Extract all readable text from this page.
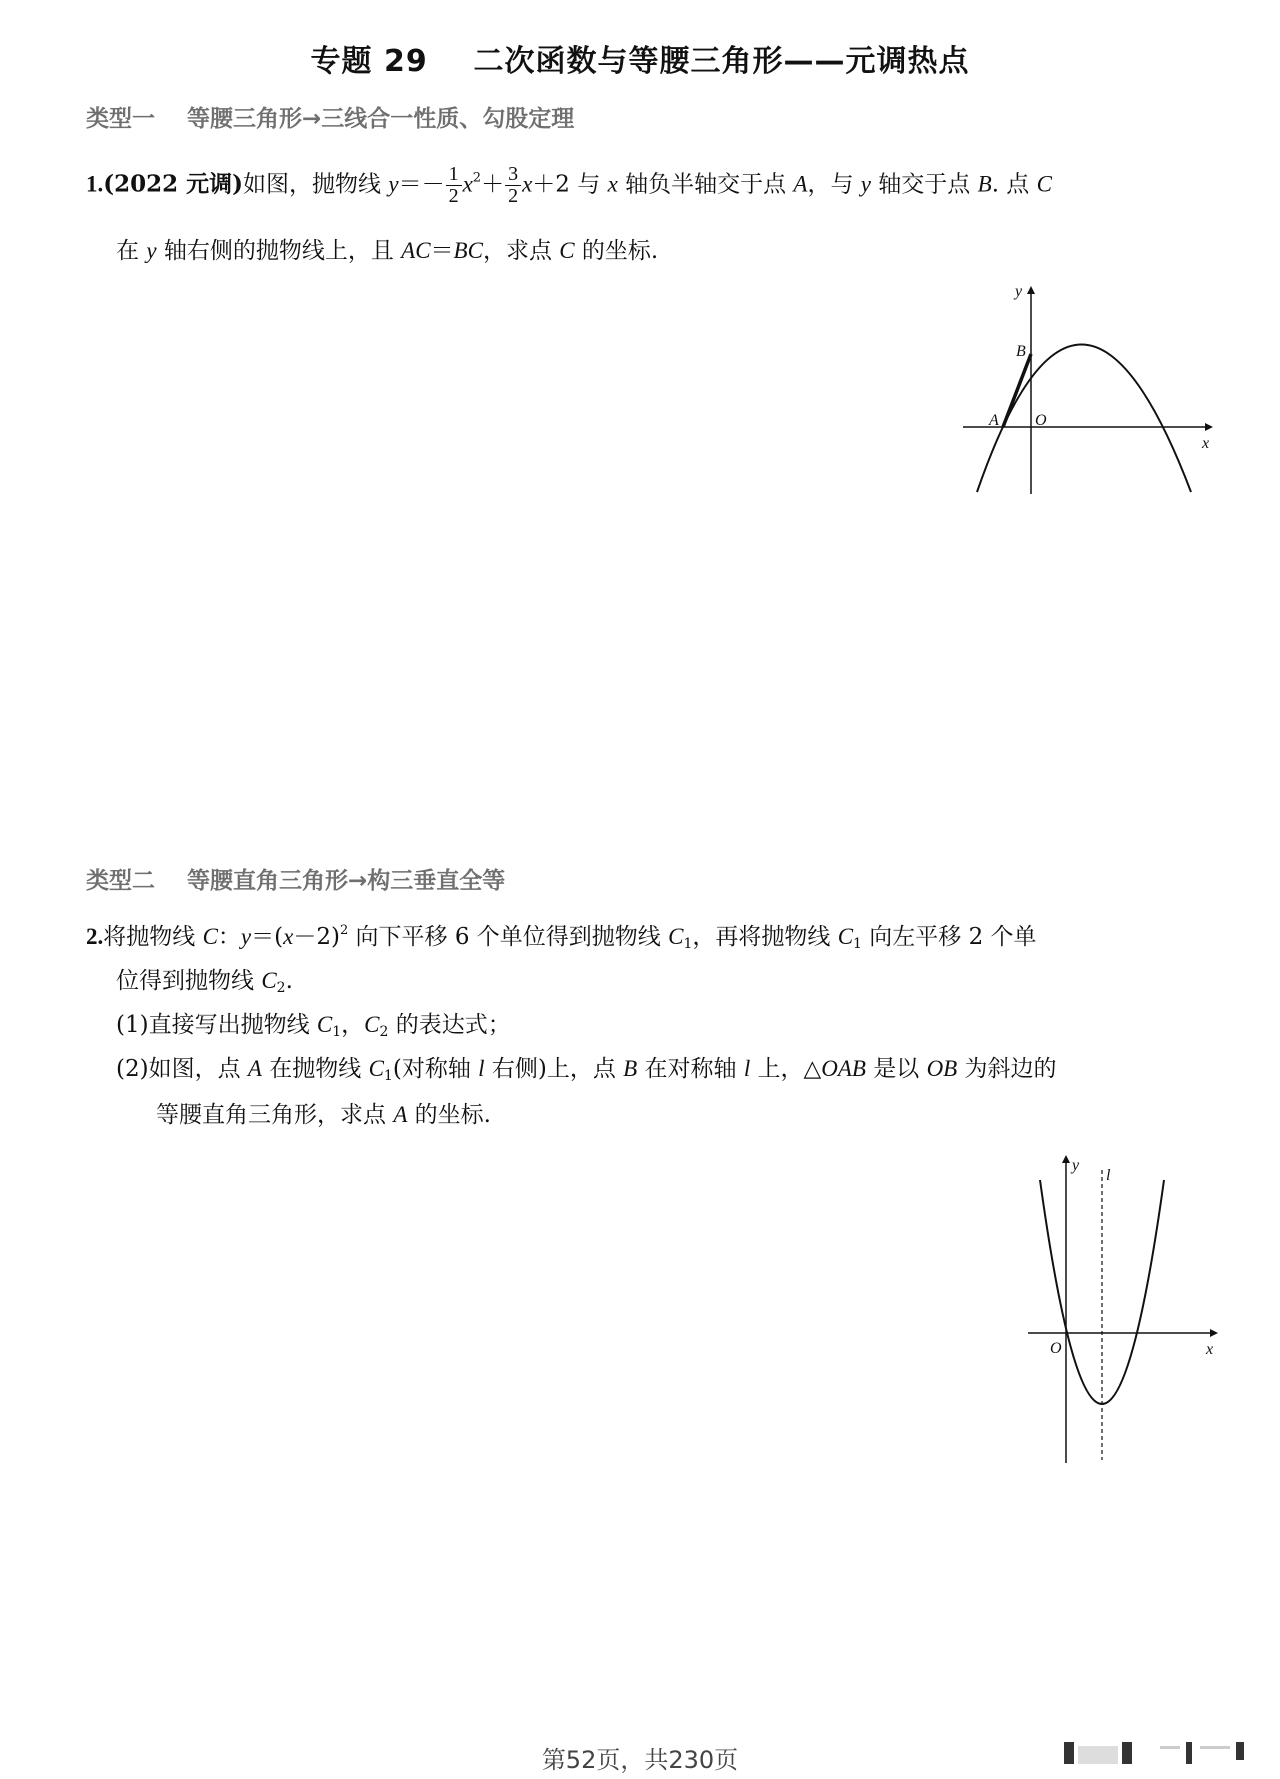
专题 29    二次函数与等腰三角形——元调热点
类型一    等腰三角形→三线合一性质、勾股定理
1.(2022 元调)如图，抛物线 $y=- \frac{1}{2} x^2+ \frac{3}{2} x+2$ 与 x 轴负半轴交于点 A，与 y 轴交于点 B. 点 C
在 y 轴右侧的抛物线上，且 AC＝BC，求点 C 的坐标.
y
x
B
A O
类型二    等腰直角三角形→构三垂直全等
2.将抛物线 C：$y=(x-2)^2$ 向下平移 6 个单位得到抛物线 $C_1$，再将抛物线 $C_1$ 向左平移 2 个单
位得到抛物线 $C_2$.
(1)直接写出抛物线 $C_1$，$C_2$ 的表达式；
(2)如图，点 A 在抛物线 $C_1$(对称轴 l 右侧)上，点 B 在对称轴 l 上，△OAB 是以 OB 为斜边的
等腰直角三角形，求点 A 的坐标.
y
x
l
O
第52页，共230页
